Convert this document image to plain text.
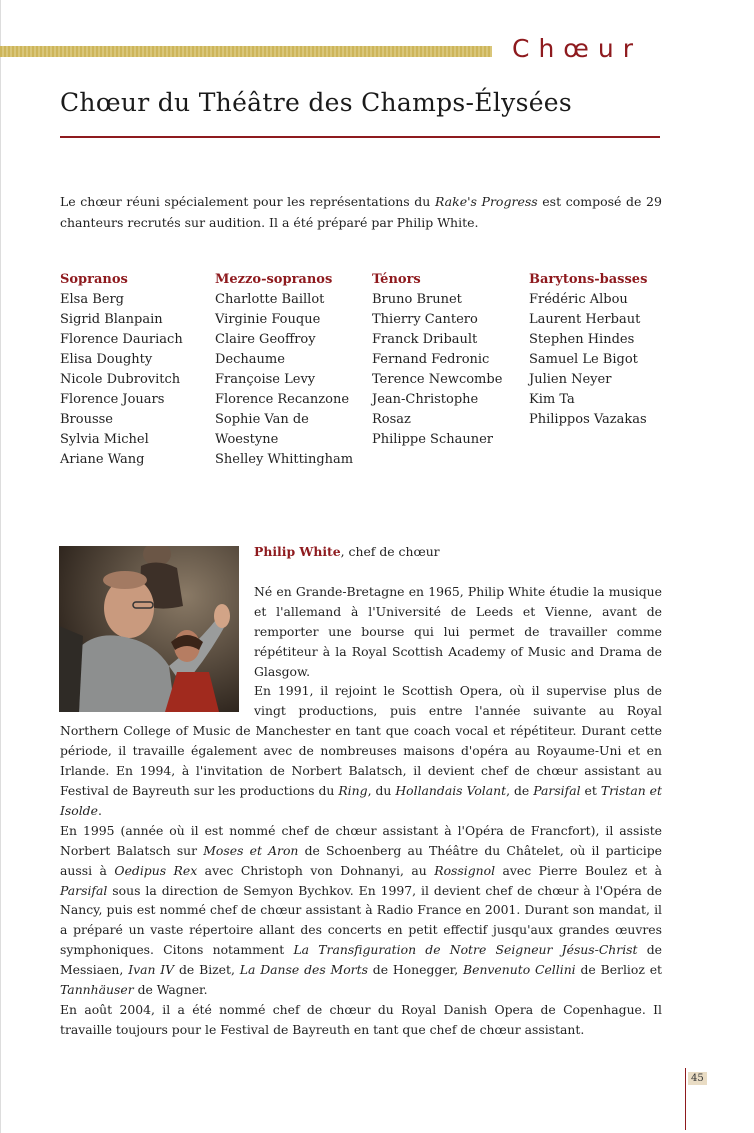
Chœur
Chœur du Théâtre des Champs-Élysées

Le chœur réuni spécialement pour les représentations du Rake's Progress est composé de 29 chanteurs recrutés sur audition. Il a été préparé par Philip White.

Sopranos
Elsa Berg
Sigrid Blanpain
Florence Dauriach
Elisa Doughty
Nicole Dubrovitch
Florence Jouars
Brousse
Sylvia Michel
Ariane Wang
Mezzo-sopranos
Charlotte Baillot
Virginie Fouque
Claire Geoffroy
Dechaume
Françoise Levy
Florence Recanzone
Sophie Van de
Woestyne
Shelley Whittingham
Ténors
Bruno Brunet
Thierry Cantero
Franck Dribault
Fernand Fedronic
Terence Newcombe
Jean-Christophe
Rosaz
Philippe Schauner
Barytons-basses
Frédéric Albou
Laurent Herbaut
Stephen Hindes
Samuel Le Bigot
Julien Neyer
Kim Ta
Philippos Vazakas

Philip White, chef de chœur

Né en Grande-Bretagne en 1965, Philip White étudie la musique et l'allemand à l'Université de Leeds et Vienne, avant de remporter une bourse qui lui permet de travailler comme répétiteur à la Royal Scottish Academy of Music and Drama de Glasgow.

En 1991, il rejoint le Scottish Opera, où il supervise plus de vingt productions, puis entre l'année suivante au Royal Northern College of Music de Manchester en tant que coach vocal et répétiteur. Durant cette période, il travaille également avec de nombreuses maisons d'opéra au Royaume-Uni et en Irlande. En 1994, à l'invitation de Norbert Balatsch, il devient chef de chœur assistant au Festival de Bayreuth sur les productions du Ring, du Hollandais Volant, de Parsifal et Tristan et Isolde.

En 1995 (année où il est nommé chef de chœur assistant à l'Opéra de Francfort), il assiste Norbert Balatsch sur Moses et Aron de Schoenberg au Théâtre du Châtelet, où il participe aussi à Oedipus Rex avec Christoph von Dohnanyi, au Rossignol avec Pierre Boulez et à Parsifal sous la direction de Semyon Bychkov. En 1997, il devient chef de chœur à l'Opéra de Nancy, puis est nommé chef de chœur assistant à Radio France en 2001. Durant son mandat, il a préparé un vaste répertoire allant des concerts en petit effectif jusqu'aux grandes œuvres symphoniques. Citons notamment La Transfiguration de Notre Seigneur Jésus-Christ de Messiaen, Ivan IV de Bizet, La Danse des Morts de Honegger, Benvenuto Cellini de Berlioz et Tannhäuser de Wagner.

En août 2004, il a été nommé chef de chœur du Royal Danish Opera de Copenhague. Il travaille toujours pour le Festival de Bayreuth en tant que chef de chœur assistant.

45
